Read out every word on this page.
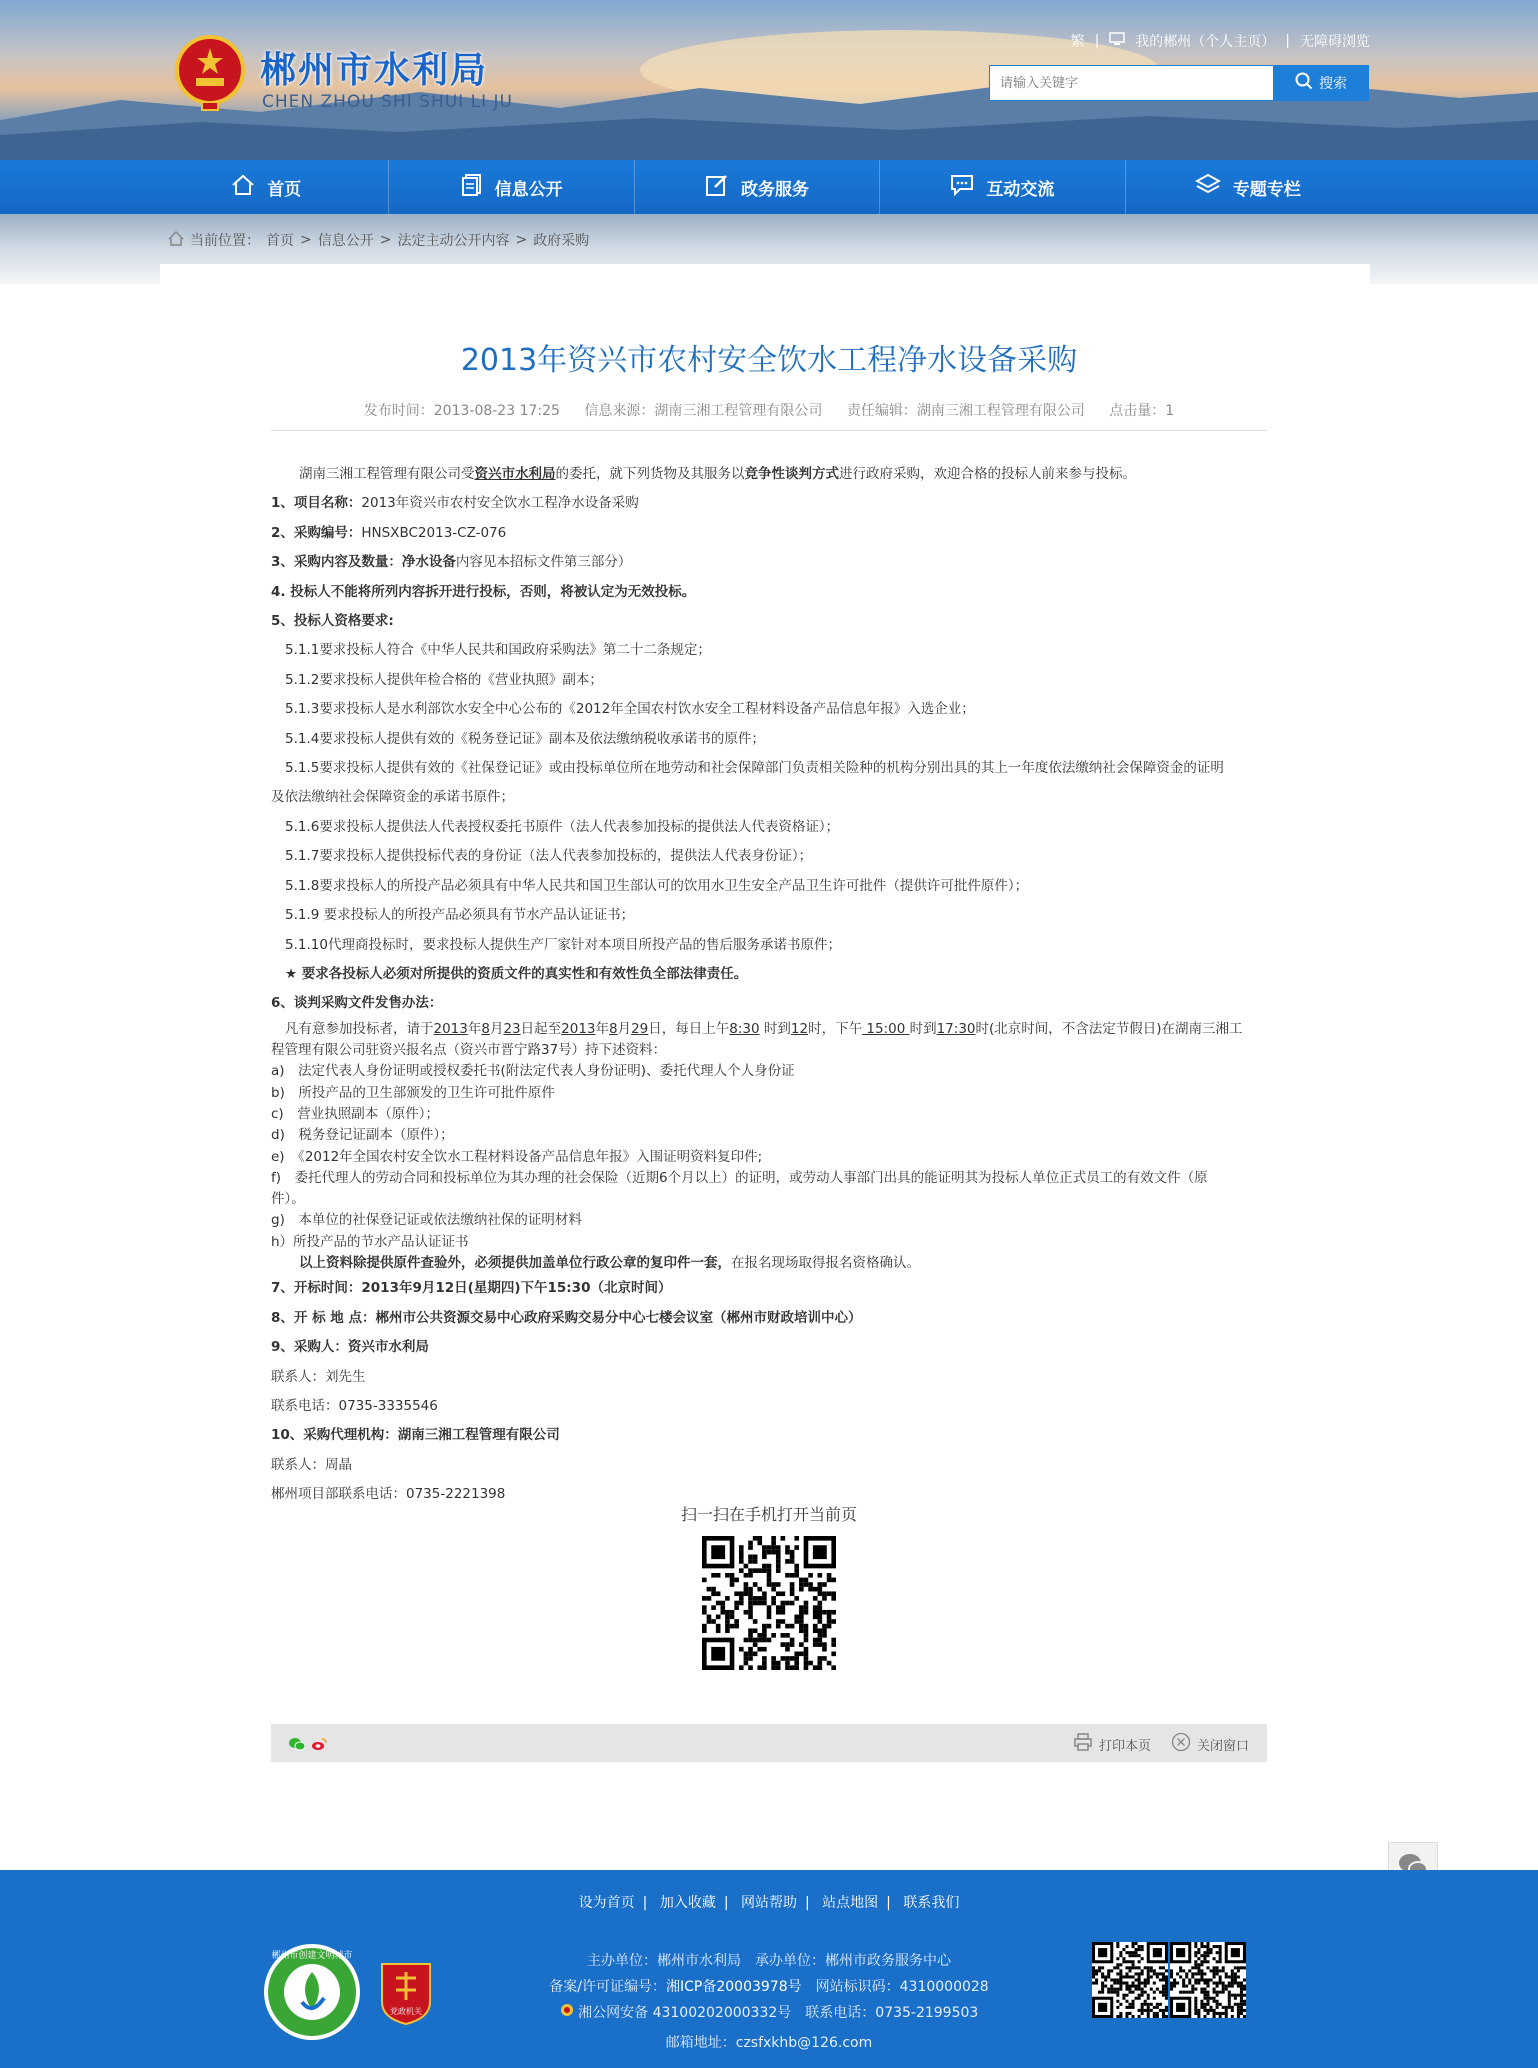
郴州市水利局
CHEN ZHOU SHI SHUI LI JU
繁 |	我的郴州（个人主页） | 无障碍浏览
请输入关键字
搜索
首页	信息公开	政务服务	互动交流	专题专栏
当前位置： 首页 > 信息公开 > 法定主动公开内容 > 政府采购
2013年资兴市农村安全饮水工程净水设备采购
发布时间：2013-08-23 17:25 信息来源：湖南三湘工程管理有限公司 责任编辑：湖南三湘工程管理有限公司 点击量：1
湖南三湘工程管理有限公司受资兴市水利局的委托，就下列货物及其服务以竞争性谈判方式进行政府采购，欢迎合格的投标人前来参与投标。
1、项目名称：2013年资兴市农村安全饮水工程净水设备采购
2、采购编号：HNSXBC2013-CZ-076
3、采购内容及数量：净水设备内容见本招标文件第三部分）
4. 投标人不能将所列内容拆开进行投标，否则，将被认定为无效投标。
5、投标人资格要求:
5.1.1要求投标人符合《中华人民共和国政府采购法》第二十二条规定；
5.1.2要求投标人提供年检合格的《营业执照》副本；
5.1.3要求投标人是水利部饮水安全中心公布的《2012年全国农村饮水安全工程材料设备产品信息年报》入选企业；
5.1.4要求投标人提供有效的《税务登记证》副本及依法缴纳税收承诺书的原件；
5.1.5要求投标人提供有效的《社保登记证》或由投标单位所在地劳动和社会保障部门负责相关险种的机构分别出具的其上一年度依法缴纳社会保障资金的证明
及依法缴纳社会保障资金的承诺书原件；
5.1.6要求投标人提供法人代表授权委托书原件（法人代表参加投标的提供法人代表资格证）；
5.1.7要求投标人提供投标代表的身份证（法人代表参加投标的，提供法人代表身份证）；
5.1.8要求投标人的所投产品必须具有中华人民共和国卫生部认可的饮用水卫生安全产品卫生许可批件（提供许可批件原件）；
5.1.9 要求投标人的所投产品必须具有节水产品认证证书；
5.1.10代理商投标时，要求投标人提供生产厂家针对本项目所投产品的售后服务承诺书原件；
★ 要求各投标人必须对所提供的资质文件的真实性和有效性负全部法律责任。
6、谈判采购文件发售办法：
凡有意参加投标者，请于2013年8月23日起至2013年8月29日，每日上午8:30 时到12时，下午 15:00 时到17:30时(北京时间，不含法定节假日)在湖南三湘工
程管理有限公司驻资兴报名点（资兴市晋宁路37号）持下述资料：
a)　法定代表人身份证明或授权委托书(附法定代表人身份证明)、委托代理人个人身份证
b)　所投产品的卫生部颁发的卫生许可批件原件
c)　营业执照副本（原件）；
d)　税务登记证副本（原件）；
e)　《2012年全国农村安全饮水工程材料设备产品信息年报》入围证明资料复印件;
f)　委托代理人的劳动合同和投标单位为其办理的社会保险（近期6个月以上）的证明，或劳动人事部门出具的能证明其为投标人单位正式员工的有效文件（原
件）。
g)　本单位的社保登记证或依法缴纳社保的证明材料
h）所投产品的节水产品认证证书
以上资料除提供原件查验外，必须提供加盖单位行政公章的复印件一套，在报名现场取得报名资格确认。
7、开标时间：2013年9月12日(星期四)下午15:30（北京时间）
8、开 标 地 点：郴州市公共资源交易中心政府采购交易分中心七楼会议室（郴州市财政培训中心）
9、采购人：资兴市水利局
联系人：刘先生
联系电话：0735-3335546
10、采购代理机构：湖南三湘工程管理有限公司
联系人：周晶
郴州项目部联系电话：0735-2221398
扫一扫在手机打开当前页
打印本页	关闭窗口
设为首页 | 加入收藏 | 网站帮助 | 站点地图 | 联系我们
郴州市创建文明城市
党政机关
主办单位：郴州市水利局　承办单位：郴州市政务服务中心
备案/许可证编号：湘ICP备20003978号　网站标识码：4310000028
湘公网安备 43100202000332号　联系电话：0735-2199503
邮箱地址：czsfxkhb@126.com
